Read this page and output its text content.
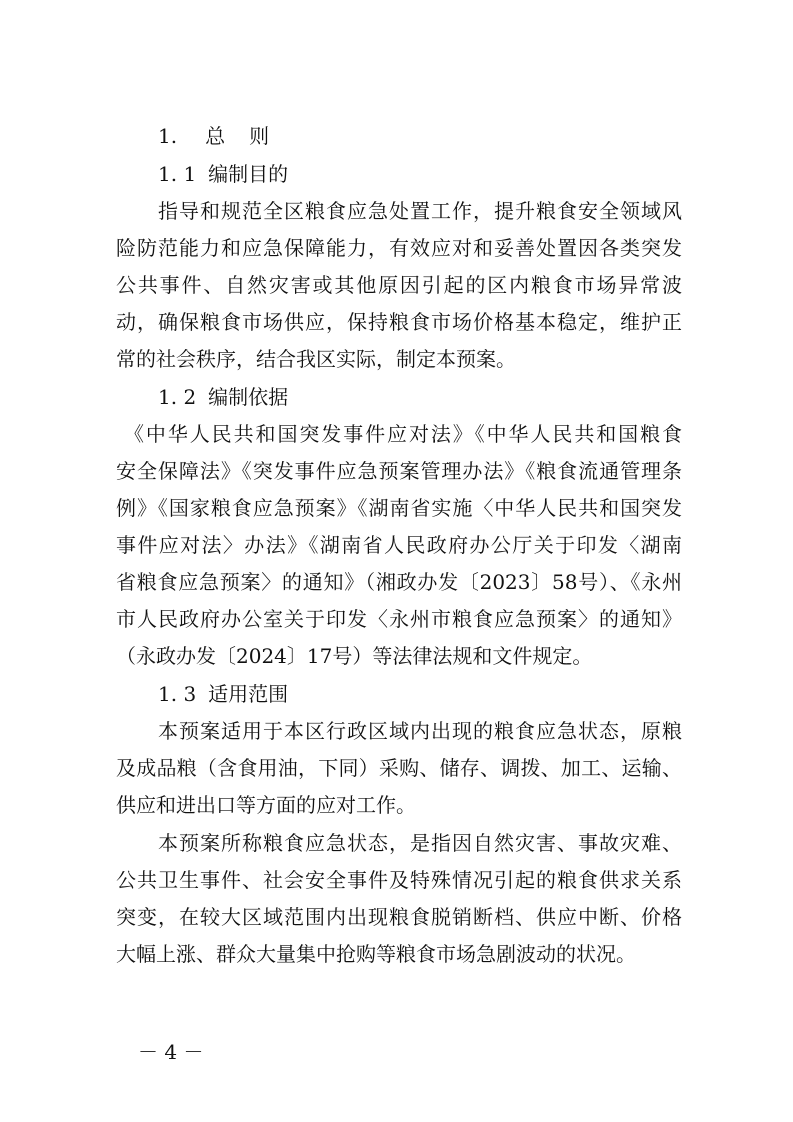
1. 总则
1. 1 编制目的
指导和规范全区粮食应急处置工作，提升粮食安全领域风
险防范能力和应急保障能力，有效应对和妥善处置因各类突发
公共事件、自然灾害或其他原因引起的区内粮食市场异常波
动，确保粮食市场供应，保持粮食市场价格基本稳定，维护正
常的社会秩序，结合我区实际，制定本预案。
1. 2 编制依据
《中华人民共和国突发事件应对法》《中华人民共和国粮食
安全保障法》《突发事件应急预案管理办法》《粮食流通管理条
例》《国家粮食应急预案》《湖南省实施〈中华人民共和国突发
事件应对法〉办法》《湖南省人民政府办公厅关于印发〈湖南
省粮食应急预案〉的通知》（湘政办发〔2023〕58号）、《永州
市人民政府办公室关于印发〈永州市粮食应急预案〉的通知》
（永政办发〔2024〕17号）等法律法规和文件规定。
1. 3 适用范围
本预案适用于本区行政区域内出现的粮食应急状态，原粮
及成品粮（含食用油，下同）采购、储存、调拨、加工、运输、
供应和进出口等方面的应对工作。
本预案所称粮食应急状态，是指因自然灾害、事故灾难、
公共卫生事件、社会安全事件及特殊情况引起的粮食供求关系
突变，在较大区域范围内出现粮食脱销断档、供应中断、价格
大幅上涨、群众大量集中抢购等粮食市场急剧波动的状况。
－ 4 －
